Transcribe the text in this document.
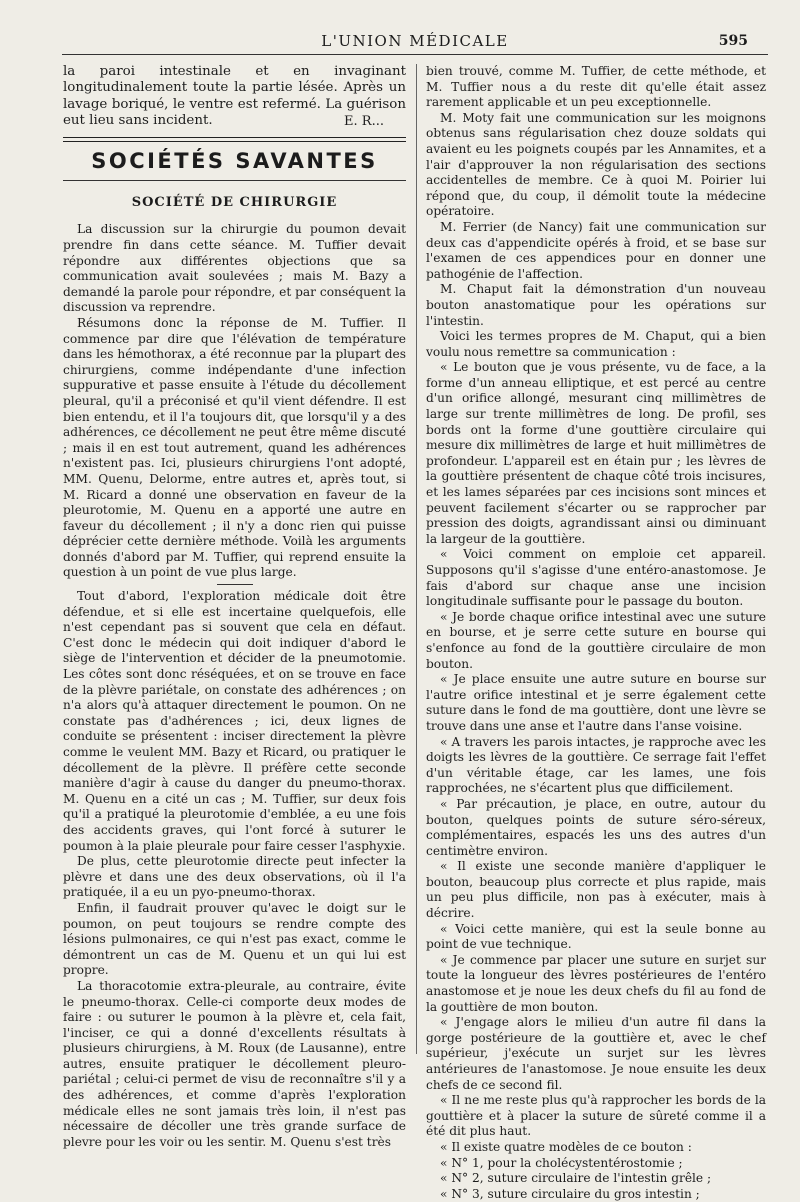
L'UNION MÉDICALE	595

la paroi intestinale et en invaginant longitudinalement toute la partie lésée. Après un lavage boriqué, le ventre est refermé. La guérison eut lieu sans incident.	E. R...
SOCIÉTÉS SAVANTES
SOCIÉTÉ DE CHIRURGIE

La discussion sur la chirurgie du poumon devait prendre fin dans cette séance. M. Tuffier devait répondre aux différentes objections que sa communication avait soulevées ; mais M. Bazy a demandé la parole pour répondre, et par conséquent la discussion va reprendre.

Résumons donc la réponse de M. Tuffier. Il commence par dire que l'élévation de température dans les hémothorax, a été reconnue par la plupart des chirurgiens, comme indépendante d'une infection suppurative et passe ensuite à l'étude du décollement pleural, qu'il a préconisé et qu'il vient défendre. Il est bien entendu, et il l'a toujours dit, que lorsqu'il y a des adhérences, ce décollement ne peut être même discuté ; mais il en est tout autrement, quand les adhérences n'existent pas. Ici, plusieurs chirurgiens l'ont adopté, MM. Quenu, Delorme, entre autres et, après tout, si M. Ricard a donné une observation en faveur de la pleurotomie, M. Quenu en a apporté une autre en faveur du décollement ; il n'y a donc rien qui puisse déprécier cette dernière méthode. Voilà les arguments donnés d'abord par M. Tuffier, qui reprend ensuite la question à un point de vue plus large.

Tout d'abord, l'exploration médicale doit être défendue, et si elle est incertaine quelquefois, elle n'est cependant pas si souvent que cela en défaut. C'est donc le médecin qui doit indiquer d'abord le siège de l'intervention et décider de la pneumotomie. Les côtes sont donc réséquées, et on se trouve en face de la plèvre pariétale, on constate des adhérences ; on n'a alors qu'à attaquer directement le poumon. On ne constate pas d'adhérences ; ici, deux lignes de conduite se présentent : inciser directement la plèvre comme le veulent MM. Bazy et Ricard, ou pratiquer le décollement de la plèvre. Il préfère cette seconde manière d'agir à cause du danger du pneumo-thorax. M. Quenu en a cité un cas ; M. Tuffier, sur deux fois qu'il a pratiqué la pleurotomie d'emblée, a eu une fois des accidents graves, qui l'ont forcé à suturer le poumon à la plaie pleurale pour faire cesser l'asphyxie.

De plus, cette pleurotomie directe peut infecter la plèvre et dans une des deux observations, où il l'a pratiquée, il a eu un pyo-pneumo-thorax.

Enfin, il faudrait prouver qu'avec le doigt sur le poumon, on peut toujours se rendre compte des lésions pulmonaires, ce qui n'est pas exact, comme le démontrent un cas de M. Quenu et un qui lui est propre.

La thoracotomie extra-pleurale, au contraire, évite le pneumo-thorax. Celle-ci comporte deux modes de faire : ou suturer le poumon à la plèvre et, cela fait, l'inciser, ce qui a donné d'excellents résultats à plusieurs chirurgiens, à M. Roux (de Lausanne), entre autres, ensuite pratiquer le décollement pleuro-pariétal ; celui-ci permet de visu de reconnaître s'il y a des adhérences, et comme d'après l'exploration médicale elles ne sont jamais très loin, il n'est pas nécessaire de décoller une très grande surface de plevre pour les voir ou les sentir. M. Quenu s'est très

bien trouvé, comme M. Tuffier, de cette méthode, et M. Tuffier nous a du reste dit qu'elle était assez rarement applicable et un peu exceptionnelle.

M. Moty fait une communication sur les moignons obtenus sans régularisation chez douze soldats qui avaient eu les poignets coupés par les Annamites, et a l'air d'approuver la non régularisation des sections accidentelles de membre. Ce à quoi M. Poirier lui répond que, du coup, il démolit toute la médecine opératoire.

M. Ferrier (de Nancy) fait une communication sur deux cas d'appendicite opérés à froid, et se base sur l'examen de ces appendices pour en donner une pathogénie de l'affection.

M. Chaput fait la démonstration d'un nouveau bouton anastomatique pour les opérations sur l'intestin.

Voici les termes propres de M. Chaput, qui a bien voulu nous remettre sa communication :

« Le bouton que je vous présente, vu de face, a la forme d'un anneau elliptique, et est percé au centre d'un orifice allongé, mesurant cinq millimètres de large sur trente millimètres de long. De profil, ses bords ont la forme d'une gouttière circulaire qui mesure dix millimètres de large et huit millimètres de profondeur. L'appareil est en étain pur ; les lèvres de la gouttière présentent de chaque côté trois incisures, et les lames séparées par ces incisions sont minces et peuvent facilement s'écarter ou se rapprocher par pression des doigts, agrandissant ainsi ou diminuant la largeur de la gouttière.

« Voici comment on emploie cet appareil. Supposons qu'il s'agisse d'une entéro-anastomose. Je fais d'abord sur chaque anse une incision longitudinale suffisante pour le passage du bouton.

« Je borde chaque orifice intestinal avec une suture en bourse, et je serre cette suture en bourse qui s'enfonce au fond de la gouttière circulaire de mon bouton.

« Je place ensuite une autre suture en bourse sur l'autre orifice intestinal et je serre également cette suture dans le fond de ma gouttière, dont une lèvre se trouve dans une anse et l'autre dans l'anse voisine.

« A travers les parois intactes, je rapproche avec les doigts les lèvres de la gouttière. Ce serrage fait l'effet d'un véritable étage, car les lames, une fois rapprochées, ne s'écartent plus que difficilement.

« Par précaution, je place, en outre, autour du bouton, quelques points de suture séro-séreux, complémentaires, espacés les uns des autres d'un centimètre environ.

« Il existe une seconde manière d'appliquer le bouton, beaucoup plus correcte et plus rapide, mais un peu plus difficile, non pas à exécuter, mais à décrire.

« Voici cette manière, qui est la seule bonne au point de vue technique.

« Je commence par placer une suture en surjet sur toute la longueur des lèvres postérieures de l'entéro anastomose et je noue les deux chefs du fil au fond de la gouttière de mon bouton.

« J'engage alors le milieu d'un autre fil dans la gorge postérieure de la gouttière et, avec le chef supérieur, j'exécute un surjet sur les lèvres antérieures de l'anastomose. Je noue ensuite les deux chefs de ce second fil.

« Il ne me reste plus qu'à rapprocher les bords de la gouttière et à placer la suture de sûreté comme il a été dit plus haut.

« Il existe quatre modèles de ce bouton :

« N° 1, pour la cholécystentérostomie ;

« N° 2, suture circulaire de l'intestin grêle ;

« N° 3, suture circulaire du gros intestin ;
